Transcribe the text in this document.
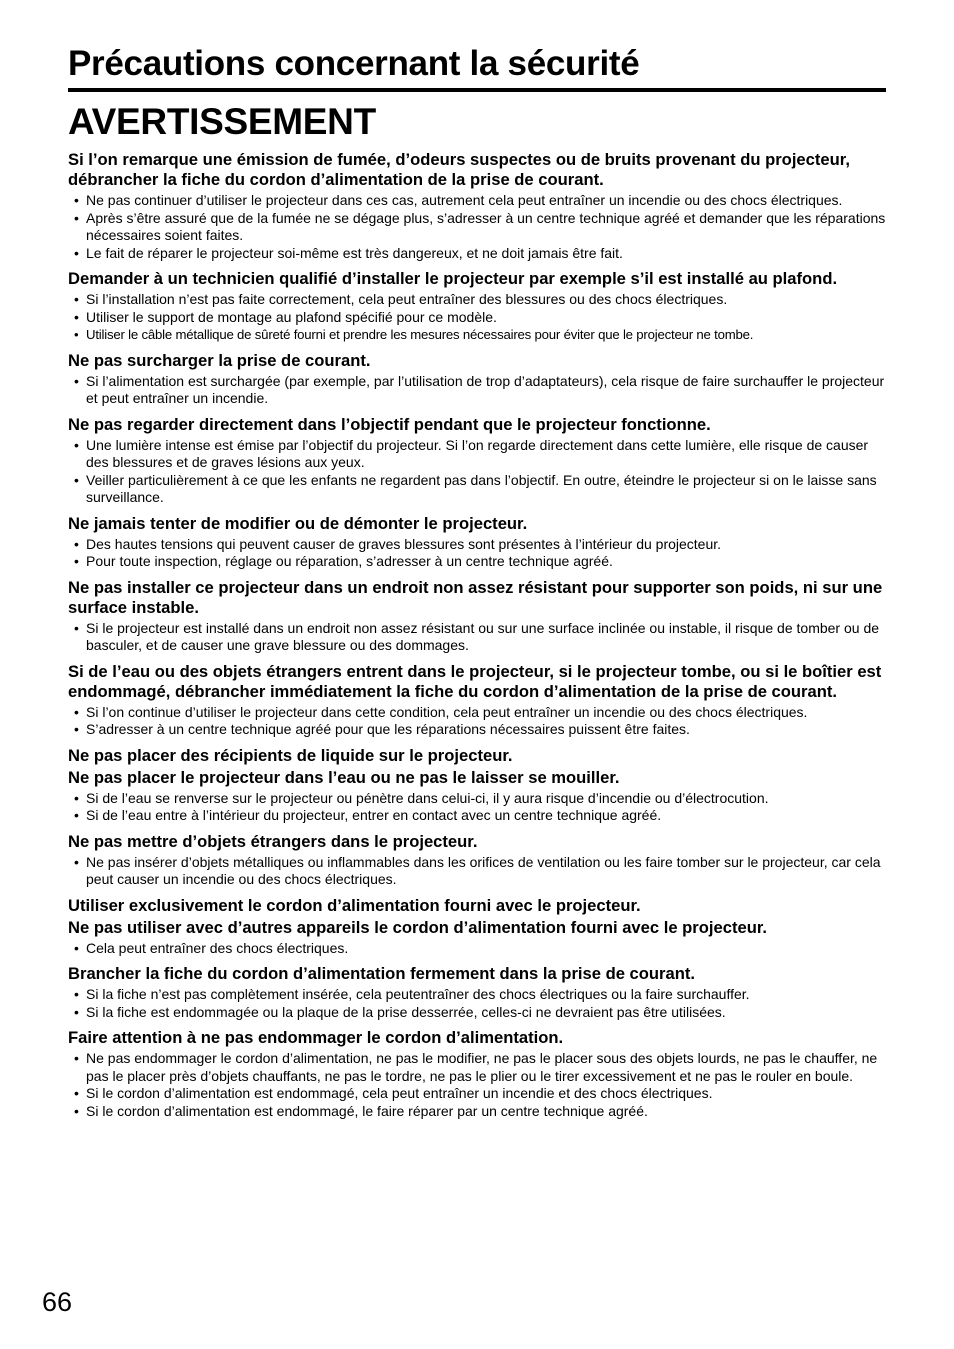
Précautions concernant la sécurité
AVERTISSEMENT
Si l’on remarque une émission de fumée, d’odeurs suspectes ou de bruits provenant du projecteur, débrancher la fiche du cordon d’alimentation de la prise de courant.
• Ne pas continuer d’utiliser le projecteur dans ces cas, autrement cela peut entraîner un incendie ou des chocs électriques.
• Après s’être assuré que de la fumée ne se dégage plus, s’adresser à un centre technique agréé et demander que les réparations nécessaires soient faites.
• Le fait de réparer le projecteur soi-même est très dangereux, et ne doit jamais être fait.
Demander à un technicien qualifié d’installer le projecteur par exemple s’il est installé au plafond.
• Si l’installation n’est pas faite correctement, cela peut entraîner des blessures ou des chocs électriques.
• Utiliser le support de montage au plafond spécifié pour ce modèle.
• Utiliser le câble métallique de sûreté fourni et prendre les mesures nécessaires pour éviter que le projecteur ne tombe.
Ne pas surcharger la prise de courant.
• Si l’alimentation est surchargée (par exemple, par l’utilisation de trop d’adaptateurs), cela risque de faire surchauffer le projecteur et peut entraîner un incendie.
Ne pas regarder directement dans l’objectif pendant que le projecteur fonctionne.
• Une lumière intense est émise par l’objectif du projecteur. Si l’on regarde directement dans cette lumière, elle risque de causer des blessures et de graves lésions aux yeux.
• Veiller particulièrement à ce que les enfants ne regardent pas dans l’objectif. En outre, éteindre le projecteur si on le laisse sans surveillance.
Ne jamais tenter de modifier ou de démonter le projecteur.
• Des hautes tensions qui peuvent causer de graves blessures sont présentes à l’intérieur du projecteur.
• Pour toute inspection, réglage ou réparation, s’adresser à un centre technique agréé.
Ne pas installer ce projecteur dans un endroit non assez résistant pour supporter son poids, ni sur une surface instable.
• Si le projecteur est installé dans un endroit non assez résistant ou sur une surface inclinée ou instable, il risque de tomber ou de basculer, et de causer une grave blessure ou des dommages.
Si de l’eau ou des objets étrangers entrent dans le projecteur, si le projecteur tombe, ou si le boîtier est endommagé, débrancher immédiatement la fiche du cordon d’alimentation de la prise de courant.
• Si l’on continue d’utiliser le projecteur dans cette condition, cela peut entraîner un incendie ou des chocs électriques.
• S’adresser à un centre technique agréé pour que les réparations nécessaires puissent être faites.
Ne pas placer des récipients de liquide sur le projecteur.
Ne pas placer le projecteur dans l’eau ou ne pas le laisser se mouiller.
• Si de l’eau se renverse sur le projecteur ou pénètre dans celui-ci, il y aura risque d’incendie ou d’électrocution.
• Si de l’eau entre à l’intérieur du projecteur, entrer en contact avec un centre technique agréé.
Ne pas mettre d’objets étrangers dans le projecteur.
• Ne pas insérer d’objets métalliques ou inflammables dans les orifices de ventilation ou les faire tomber sur le projecteur, car cela peut causer un incendie ou des chocs électriques.
Utiliser exclusivement le cordon d’alimentation fourni avec le projecteur.
Ne pas utiliser avec d’autres appareils le cordon d’alimentation fourni avec le projecteur.
• Cela peut entraîner des chocs électriques.
Brancher la fiche du cordon d’alimentation fermement dans la prise de courant.
• Si la fiche n’est pas complètement insérée, cela peutentraîner des chocs électriques ou la faire surchauffer.
• Si la fiche est endommagée ou la plaque de la prise desserrée, celles-ci ne devraient pas être utilisées.
Faire attention à ne pas endommager le cordon d’alimentation.
• Ne pas endommager le cordon d’alimentation, ne pas le modifier, ne pas le placer sous des objets lourds, ne pas le chauffer, ne pas le placer près d’objets chauffants, ne pas le tordre, ne pas le plier ou le tirer excessivement et ne pas le rouler en boule.
• Si le cordon d’alimentation est endommagé, cela peut entraîner un incendie et des chocs électriques.
• Si le cordon d’alimentation est endommagé, le faire réparer par un centre technique agréé.
66
